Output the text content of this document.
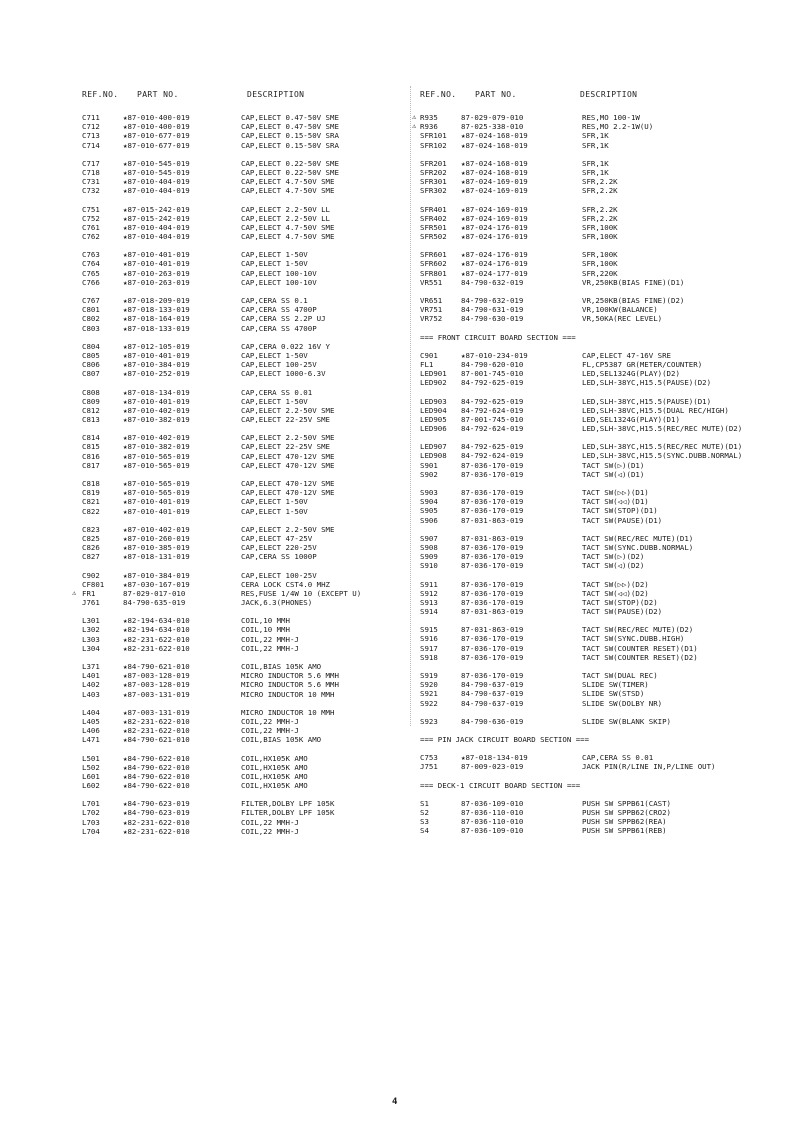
REF.NO. PART NO.	DESCRIPTION	REF.NO. PART NO.	DESCRIPTION
C711	★87-010-400-019	CAP,ELECT 0.47-50V SME
C712	★87-010-400-019	CAP,ELECT 0.47-50V SME
C713	★87-010-677-019	CAP,ELECT 0.15-50V SRA
C714	★87-010-677-019	CAP,ELECT 0.15-50V SRA
C717	★87-010-545-019	CAP,ELECT 0.22-50V SME
C718	★87-010-545-019	CAP,ELECT 0.22-50V SME
C731	★87-010-404-019	CAP,ELECT 4.7-50V SME
C732	★87-010-404-019	CAP,ELECT 4.7-50V SME
C751	★87-015-242-019	CAP,ELECT 2.2-50V LL
C752	★87-015-242-019	CAP,ELECT 2.2-50V LL
C761	★87-010-404-019	CAP,ELECT 4.7-50V SME
C762	★87-010-404-019	CAP,ELECT 4.7-50V SME
C763	★87-010-401-019	CAP,ELECT 1-50V
C764	★87-010-401-019	CAP,ELECT 1-50V
C765	★87-010-263-019	CAP,ELECT 100-10V
C766	★87-010-263-019	CAP,ELECT 100-10V
C767	★87-018-209-019	CAP,CERA SS 0.1
C801	★87-018-133-019	CAP,CERA SS 4700P
C802	★87-018-164-019	CAP,CERA SS 2.2P UJ
C803	★87-018-133-019	CAP,CERA SS 4700P
C804	★87-012-105-019	CAP,CERA 0.022 16V Y
C805	★87-010-401-019	CAP,ELECT 1-50V
C806	★87-010-384-019	CAP,ELECT 100-25V
C807	★87-010-252-019	CAP,ELECT 1000-6.3V
C808	★87-018-134-019	CAP,CERA SS 0.01
C809	★87-010-401-019	CAP,ELECT 1-50V
C812	★87-010-402-019	CAP,ELECT 2.2-50V SME
C813	★87-010-382-019	CAP,ELECT 22-25V SME
C814	★87-010-402-019	CAP,ELECT 2.2-50V SME
C815	★87-010-382-019	CAP,ELECT 22-25V SME
C816	★87-010-565-019	CAP,ELECT 470-12V SME
C817	★87-010-565-019	CAP,ELECT 470-12V SME
C818	★87-010-565-019	CAP,ELECT 470-12V SME
C819	★87-010-565-019	CAP,ELECT 470-12V SME
C821	★87-010-401-019	CAP,ELECT 1-50V
C822	★87-010-401-019	CAP,ELECT 1-50V
C823	★87-010-402-019	CAP,ELECT 2.2-50V SME
C825	★87-010-260-019	CAP,ELECT 47-25V
C826	★87-010-385-019	CAP,ELECT 220-25V
C827	★87-018-131-019	CAP,CERA SS 1000P
C902	★87-010-384-019	CAP,ELECT 100-25V
CF801	★87-030-167-019	CERA LOCK CST4.0 MHZ
⚠ FR1	87-029-017-010	RES,FUSE 1/4W 10 (EXCEPT U)
J761	84-790-635-019	JACK,6.3(PHONES)
L301	★82-194-634-010	COIL,10 MMH
L302	★82-194-634-010	COIL,10 MMH
L303	★82-231-622-010	COIL,22 MMH-J
L304	★82-231-622-010	COIL,22 MMH-J
L371	★84-790-621-010	COIL,BIAS 105K AMO
L401	★87-003-128-019	MICRO INDUCTOR 5.6 MMH
L402	★87-003-128-019	MICRO INDUCTOR 5.6 MMH
L403	★87-003-131-019	MICRO INDUCTOR 10 MMH
L404	★87-003-131-019	MICRO INDUCTOR 10 MMH
L405	★82-231-622-010	COIL,22 MMH-J
L406	★82-231-622-010	COIL,22 MMH-J
L471	★84-790-621-010	COIL,BIAS 105K AMO
L501	★84-790-622-010	COIL,HX105K AMO
L502	★84-790-622-010	COIL,HX105K AMO
L601	★84-790-622-010	COIL,HX105K AMO
L602	★84-790-622-010	COIL,HX105K AMO
L701	★84-790-623-019	FILTER,DOLBY LPF 105K
L702	★84-790-623-019	FILTER,DOLBY LPF 105K
L703	★82-231-622-010	COIL,22 MMH-J
L704	★82-231-622-010	COIL,22 MMH-J
⚠ R935	87-029-079-010	RES,MO 100-1W
⚠ R936	87-025-338-010	RES,MO 2.2-1W(U)
SFR101	★87-024-168-019	SFR,1K
SFR102	★87-024-168-019	SFR,1K
SFR201	★87-024-168-019	SFR,1K
SFR202	★87-024-168-019	SFR,1K
SFR301	★87-024-169-019	SFR,2.2K
SFR302	★87-024-169-019	SFR,2.2K
SFR401	★87-024-169-019	SFR,2.2K
SFR402	★87-024-169-019	SFR,2.2K
SFR501	★87-024-176-019	SFR,100K
SFR502	★87-024-176-019	SFR,100K
SFR601	★87-024-176-019	SFR,100K
SFR602	★87-024-176-019	SFR,100K
SFR801	★87-024-177-019	SFR,220K
VR551	84-790-632-019	VR,250KB(BIAS FINE)(D1)
VR651	84-790-632-019	VR,250KB(BIAS FINE)(D2)
VR751	84-790-631-019	VR,100KW(BALANCE)
VR752	84-790-630-019	VR,50KA(REC LEVEL)
=== FRONT CIRCUIT BOARD SECTION ===
C901	★87-010-234-019	CAP,ELECT 47-16V SRE
FL1	84-790-620-010	FL,CP5387 GR(METER/COUNTER)
LED901	87-001-745-010	LED,SEL1324G(PLAY)(D2)
LED902	84-792-625-019	LED,SLH-38YC,H15.5(PAUSE)(D2)
LED903	84-792-625-019	LED,SLH-38YC,H15.5(PAUSE)(D1)
LED904	84-792-624-019	LED,SLH-38VC,H15.5(DUAL REC/HIGH)
LED905	87-001-745-010	LED,SEL1324G(PLAY)(D1)
LED906	84-792-624-019	LED,SLH-38VC,H15.5(REC/REC MUTE)(D2)
LED907	84-792-625-019	LED,SLH-38YC,H15.5(REC/REC MUTE)(D1)
LED908	84-792-624-019	LED,SLH-38VC,H15.5(SYNC.DUBB.NORMAL)
S901	87-036-170-019	TACT SW(▷)(D1)
S902	87-036-170-019	TACT SW(◁)(D1)
S903	87-036-170-019	TACT SW(▷▷)(D1)
S904	87-036-170-019	TACT SW(◁◁)(D1)
S905	87-036-170-019	TACT SW(STOP)(D1)
S906	87-031-863-019	TACT SW(PAUSE)(D1)
S907	87-031-863-019	TACT SW(REC/REC MUTE)(D1)
S908	87-036-170-019	TACT SW(SYNC.DUBB.NORMAL)
S909	87-036-170-019	TACT SW(▷)(D2)
S910	87-036-170-019	TACT SW(◁)(D2)
S911	87-036-170-019	TACT SW(▷▷)(D2)
S912	87-036-170-019	TACT SW(◁◁)(D2)
S913	87-036-170-019	TACT SW(STOP)(D2)
S914	87-031-863-019	TACT SW(PAUSE)(D2)
S915	87-031-863-019	TACT SW(REC/REC MUTE)(D2)
S916	87-036-170-019	TACT SW(SYNC.DUBB.HIGH)
S917	87-036-170-019	TACT SW(COUNTER RESET)(D1)
S918	87-036-170-019	TACT SW(COUNTER RESET)(D2)
S919	87-036-170-019	TACT SW(DUAL REC)
S920	84-790-637-019	SLIDE SW(TIMER)
S921	84-790-637-019	SLIDE SW(STSD)
S922	84-790-637-019	SLIDE SW(DOLBY NR)
S923	84-790-636-019	SLIDE SW(BLANK SKIP)
=== PIN JACK CIRCUIT BOARD SECTION ===
C753	★87-018-134-019	CAP,CERA SS 0.01
J751	87-009-023-019	JACK PIN(R/LINE IN,P/LINE OUT)
=== DECK-1 CIRCUIT BOARD SECTION ===
S1	87-036-109-010	PUSH SW SPPB61(CAST)
S2	87-036-110-010	PUSH SW SPPB62(CRO2)
S3	87-036-110-010	PUSH SW SPPB62(REA)
S4	87-036-109-010	PUSH SW SPPB61(REB)
4
